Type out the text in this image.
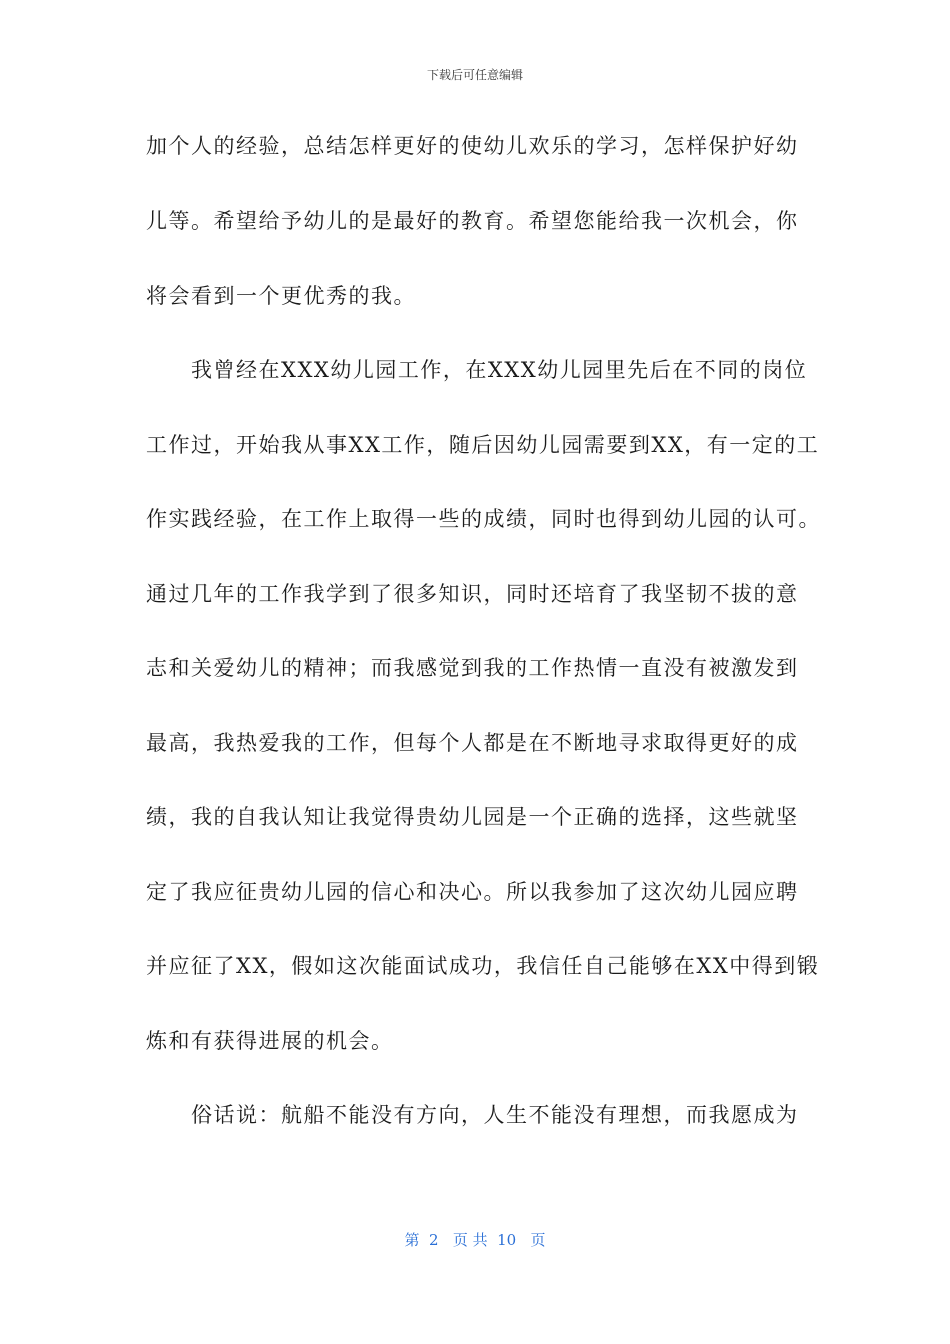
下载后可任意编辑
加个人的经验，总结怎样更好的使幼儿欢乐的学习，怎样保护好幼
儿等。希望给予幼儿的是最好的教育。希望您能给我一次机会，你
将会看到一个更优秀的我。
　　我曾经在XXX幼儿园工作，在XXX幼儿园里先后在不同的岗位
工作过，开始我从事XX工作，随后因幼儿园需要到XX，有一定的工
作实践经验，在工作上取得一些的成绩，同时也得到幼儿园的认可。
通过几年的工作我学到了很多知识，同时还培育了我坚韧不拔的意
志和关爱幼儿的精神；而我感觉到我的工作热情一直没有被激发到
最高，我热爱我的工作，但每个人都是在不断地寻求取得更好的成
绩，我的自我认知让我觉得贵幼儿园是一个正确的选择，这些就坚
定了我应征贵幼儿园的信心和决心。所以我参加了这次幼儿园应聘
并应征了XX，假如这次能面试成功，我信任自己能够在XX中得到锻
炼和有获得进展的机会。
　　俗话说：航船不能没有方向，人生不能没有理想，而我愿成为
第  2   页 共  10   页
